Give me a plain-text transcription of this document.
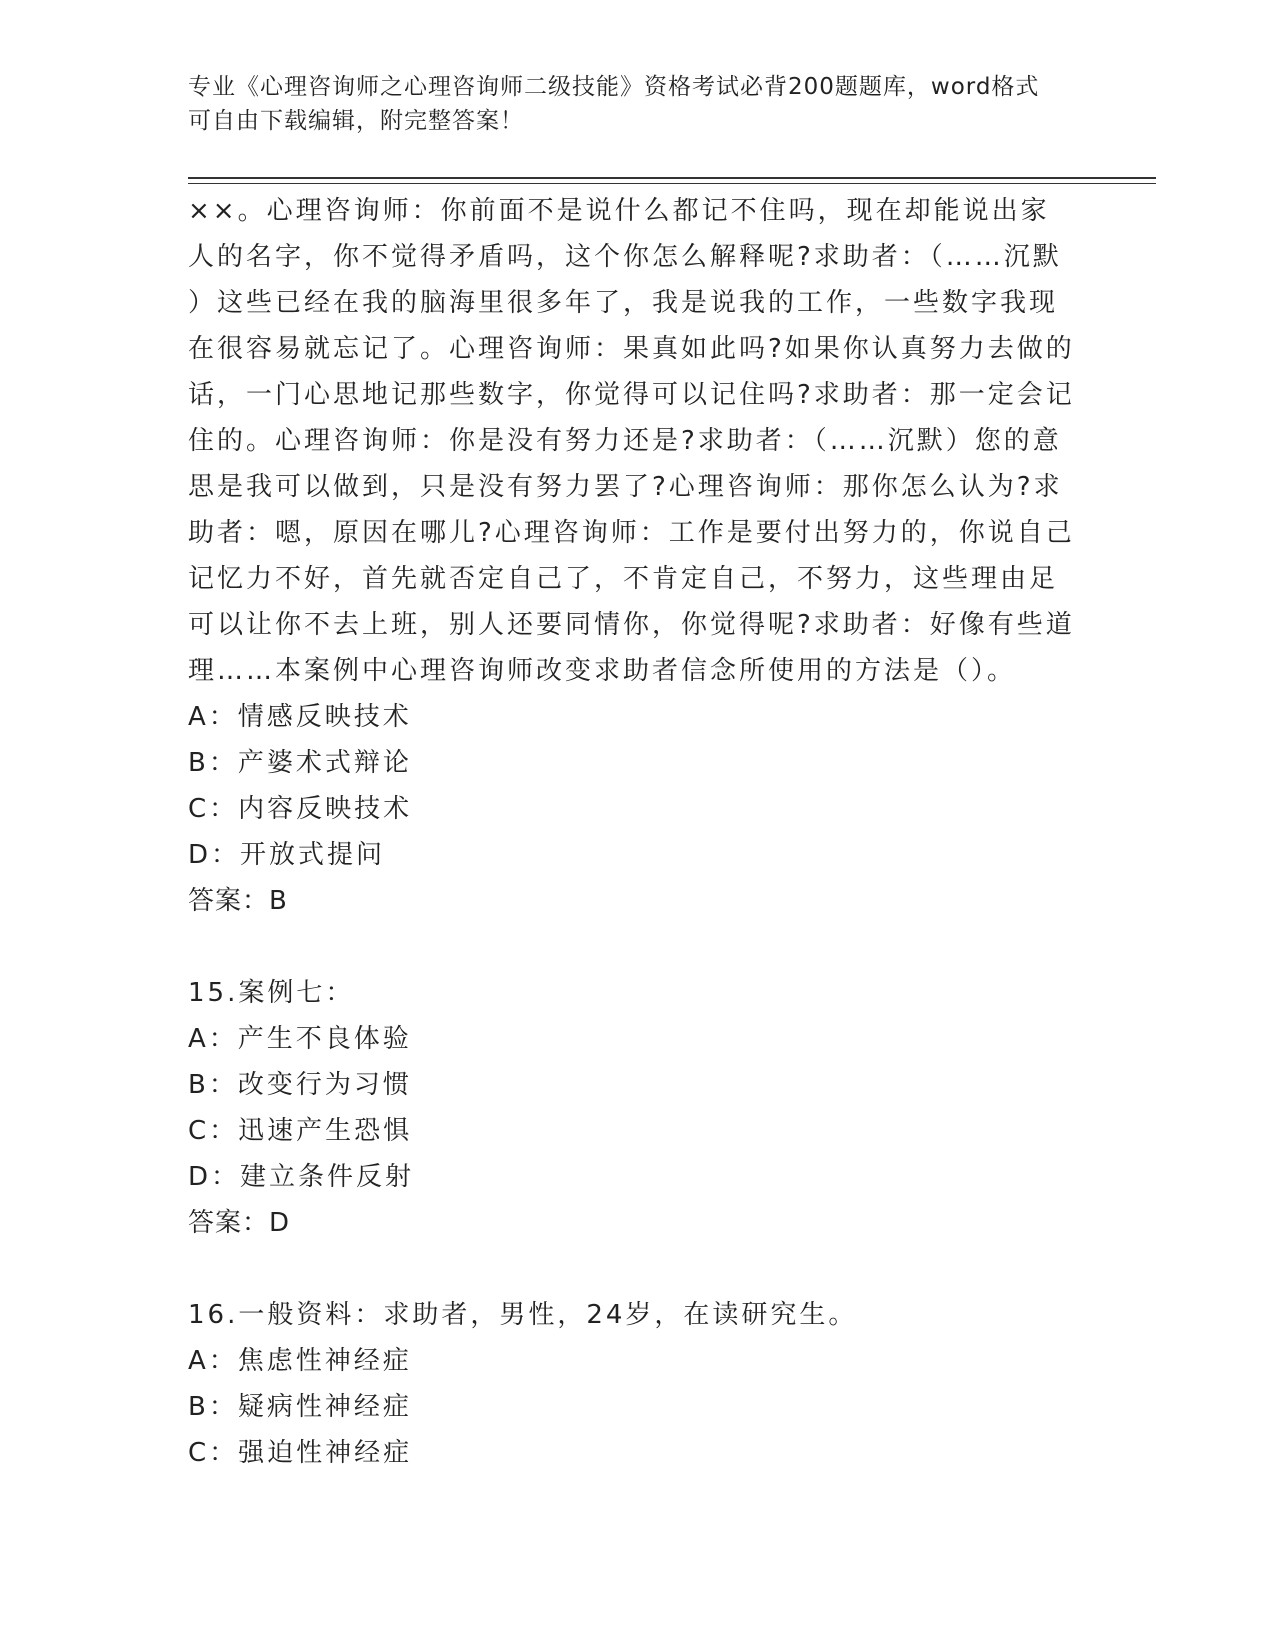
专业《心理咨询师之心理咨询师二级技能》资格考试必背200题题库，word格式
可自由下载编辑，附完整答案！
××。心理咨询师：你前面不是说什么都记不住吗，现在却能说出家
人的名字，你不觉得矛盾吗，这个你怎么解释呢?求助者：（……沉默
）这些已经在我的脑海里很多年了，我是说我的工作，一些数字我现
在很容易就忘记了。心理咨询师：果真如此吗?如果你认真努力去做的
话，一门心思地记那些数字，你觉得可以记住吗?求助者：那一定会记
住的。心理咨询师：你是没有努力还是?求助者：（……沉默）您的意
思是我可以做到，只是没有努力罢了?心理咨询师：那你怎么认为?求
助者：嗯，原因在哪儿?心理咨询师：工作是要付出努力的，你说自己
记忆力不好，首先就否定自己了，不肯定自己，不努力，这些理由足
可以让你不去上班，别人还要同情你，你觉得呢?求助者：好像有些道
理……本案例中心理咨询师改变求助者信念所使用的方法是（）。
A：情感反映技术
B：产婆术式辩论
C：内容反映技术
D：开放式提问
答案：B
15.案例七：
A：产生不良体验
B：改变行为习惯
C：迅速产生恐惧
D：建立条件反射
答案：D
16.一般资料：求助者，男性，24岁，在读研究生。
A：焦虑性神经症
B：疑病性神经症
C：强迫性神经症
